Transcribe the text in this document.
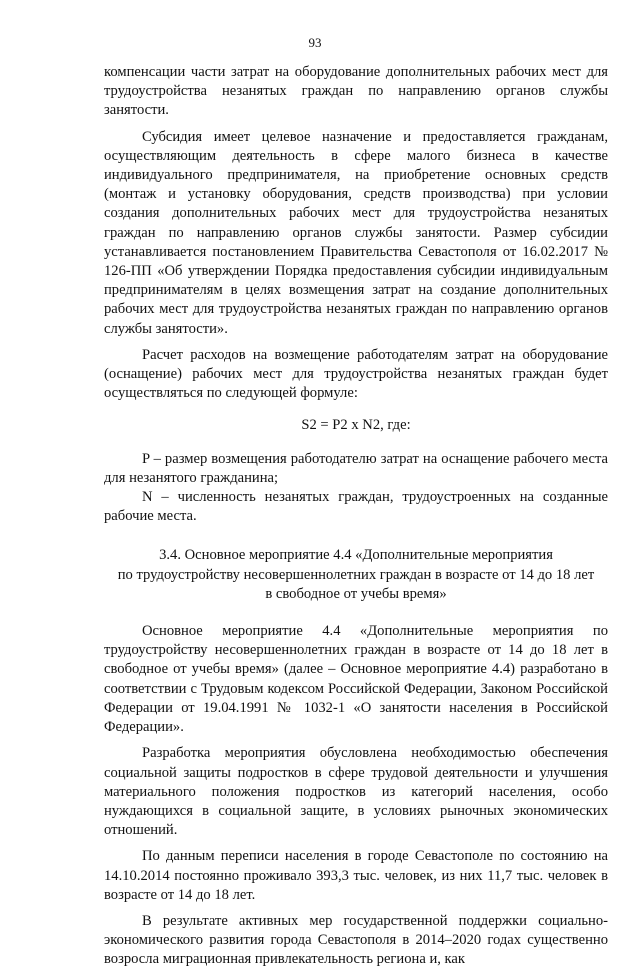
93

компенсации части затрат на оборудование дополнительных рабочих мест для трудоустройства незанятых граждан по направлению органов службы занятости.

Субсидия имеет целевое назначение и предоставляется гражданам, осуществляющим деятельность в сфере малого бизнеса в качестве индивидуального предпринимателя, на приобретение основных средств (монтаж и установку оборудования, средств производства) при условии создания дополнительных рабочих мест для трудоустройства незанятых граждан по направлению органов службы занятости. Размер субсидии устанавливается постановлением Правительства Севастополя от 16.02.2017 № 126-ПП «Об утверждении Порядка предоставления субсидии индивидуальным предпринимателям в целях возмещения затрат на создание дополнительных рабочих мест для трудоустройства незанятых граждан по направлению органов службы занятости».

Расчет расходов на возмещение работодателям затрат на оборудование (оснащение) рабочих мест для трудоустройства незанятых граждан будет осуществляться по следующей формуле:

S2 = P2 x N2, где:

P – размер возмещения работодателю затрат на оснащение рабочего места для незанятого гражданина;

N – численность незанятых граждан, трудоустроенных на созданные рабочие места.

3.4. Основное мероприятие 4.4 «Дополнительные мероприятия
по трудоустройству несовершеннолетних граждан в возрасте от 14 до 18 лет
в свободное от учебы время»

Основное мероприятие 4.4 «Дополнительные мероприятия по трудоустройству несовершеннолетних граждан в возрасте от 14 до 18 лет в свободное от учебы время» (далее – Основное мероприятие 4.4) разработано в соответствии с Трудовым кодексом Российской Федерации, Законом Российской Федерации от 19.04.1991 № 1032-1 «О занятости населения в Российской Федерации».

Разработка мероприятия обусловлена необходимостью обеспечения социальной защиты подростков в сфере трудовой деятельности и улучшения материального положения подростков из категорий населения, особо нуждающихся в социальной защите, в условиях рыночных экономических отношений.

По данным переписи населения в городе Севастополе по состоянию на 14.10.2014 постоянно проживало 393,3 тыс. человек, из них 11,7 тыс. человек в возрасте от 14 до 18 лет.

В результате активных мер государственной поддержки социально-экономического развития города Севастополя в 2014–2020 годах существенно возросла миграционная привлекательность региона и, как
